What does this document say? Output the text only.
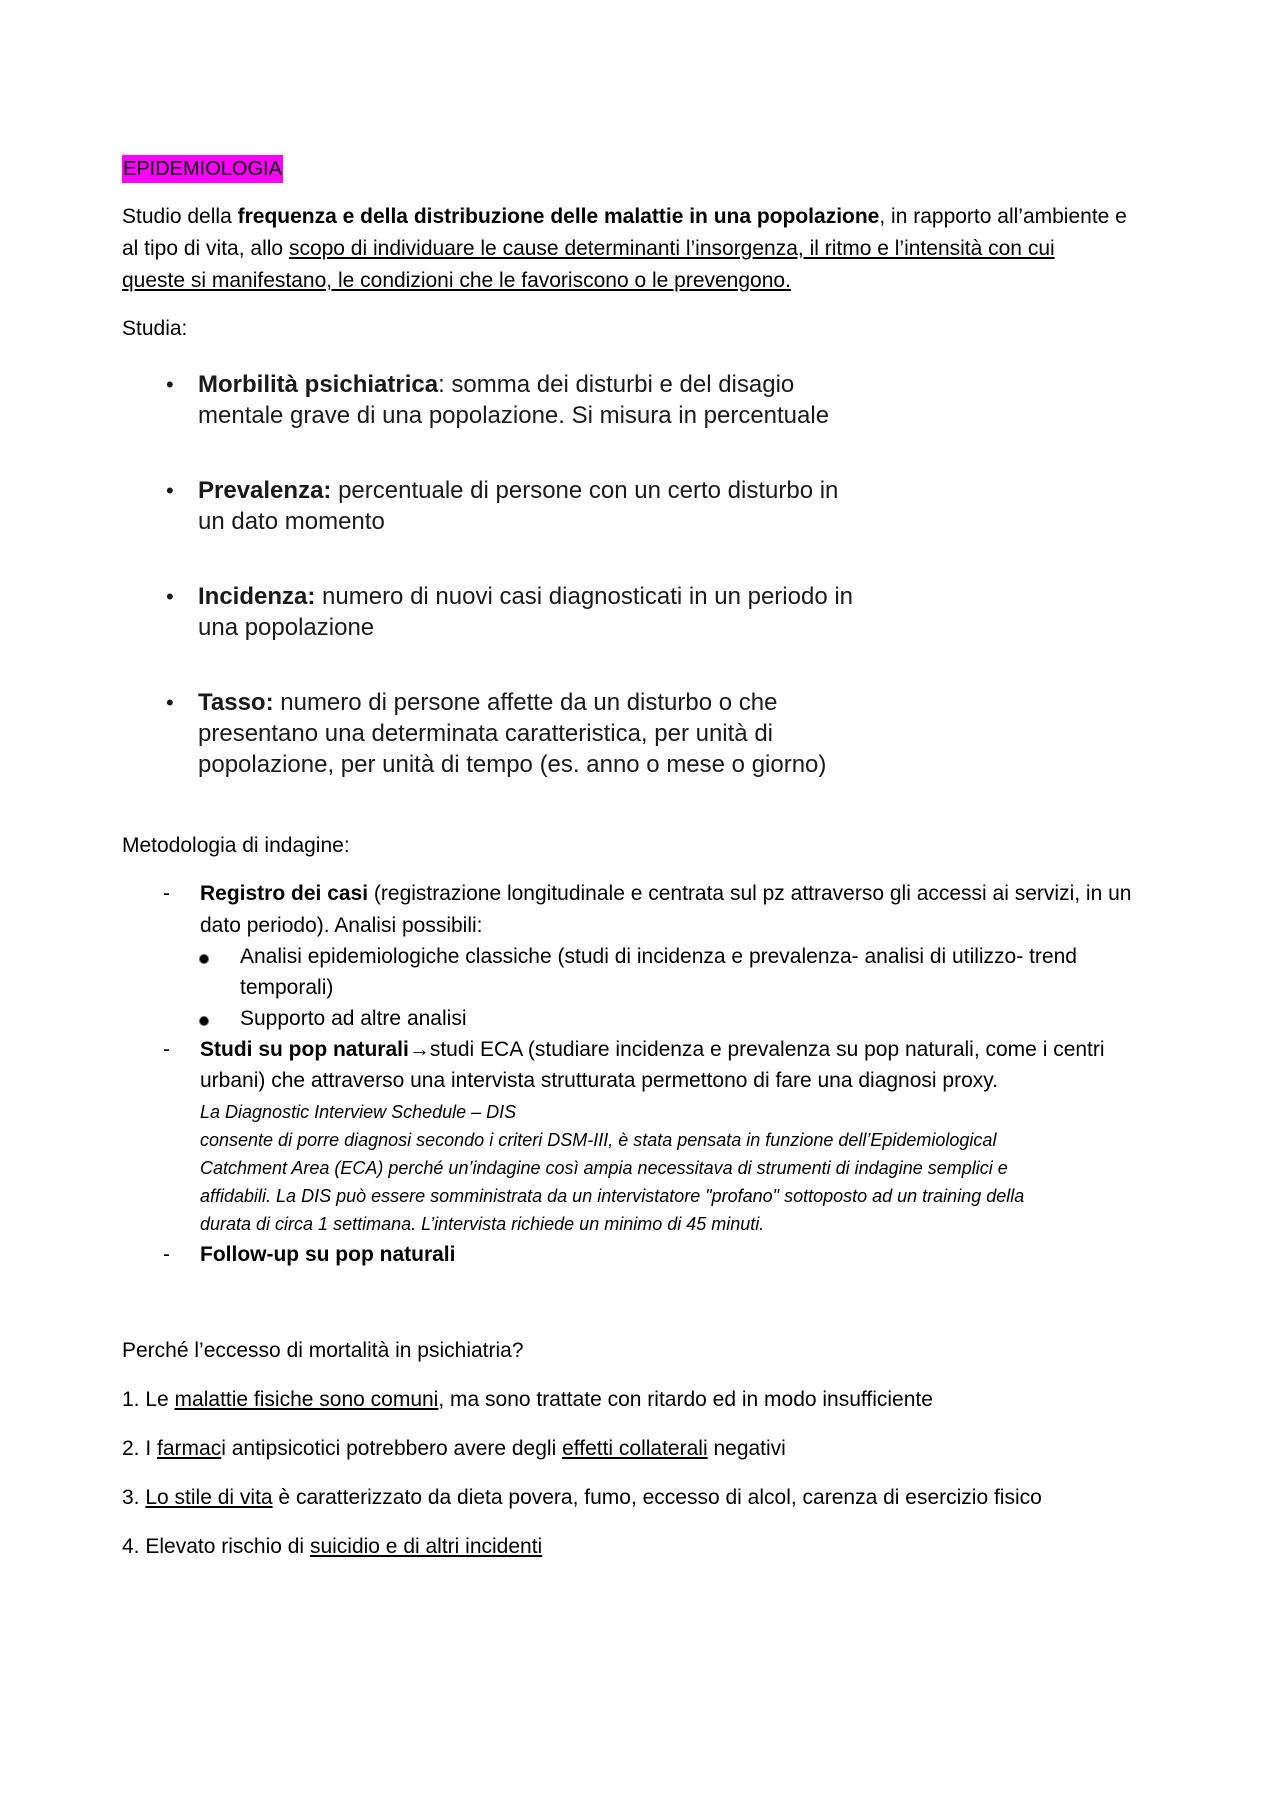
EPIDEMIOLOGIA
Studio della frequenza e della distribuzione delle malattie in una popolazione, in rapporto all’ambiente e
al tipo di vita, allo scopo di individuare le cause determinanti l’insorgenza, il ritmo e l’intensità con cui
queste si manifestano, le condizioni che le favoriscono o le prevengono.
Studia:
• Morbilità psichiatrica: somma dei disturbi e del disagio
mentale grave di una popolazione. Si misura in percentuale
• Prevalenza: percentuale di persone con un certo disturbo in
un dato momento
• Incidenza: numero di nuovi casi diagnosticati in un periodo in
una popolazione
• Tasso: numero di persone affette da un disturbo o che
presentano una determinata caratteristica, per unità di
popolazione, per unità di tempo (es. anno o mese o giorno)
Metodologia di indagine:
- Registro dei casi (registrazione longitudinale e centrata sul pz attraverso gli accessi ai servizi, in un
dato periodo). Analisi possibili:
Analisi epidemiologiche classiche (studi di incidenza e prevalenza- analisi di utilizzo- trend
temporali)
Supporto ad altre analisi
- Studi su pop naturali→studi ECA (studiare incidenza e prevalenza su pop naturali, come i centri
urbani) che attraverso una intervista strutturata permettono di fare una diagnosi proxy.
La Diagnostic Interview Schedule – DIS
consente di porre diagnosi secondo i criteri DSM-III, è stata pensata in funzione dell’Epidemiological
Catchment Area (ECA) perché un’indagine così ampia necessitava di strumenti di indagine semplici e
affidabili. La DIS può essere somministrata da un intervistatore "profano" sottoposto ad un training della
durata di circa 1 settimana. L’intervista richiede un minimo di 45 minuti.
- Follow-up su pop naturali
Perché l’eccesso di mortalità in psichiatria?
1. Le malattie fisiche sono comuni, ma sono trattate con ritardo ed in modo insufficiente
2. I farmaci antipsicotici potrebbero avere degli effetti collaterali negativi
3. Lo stile di vita è caratterizzato da dieta povera, fumo, eccesso di alcol, carenza di esercizio fisico
4. Elevato rischio di suicidio e di altri incidenti
